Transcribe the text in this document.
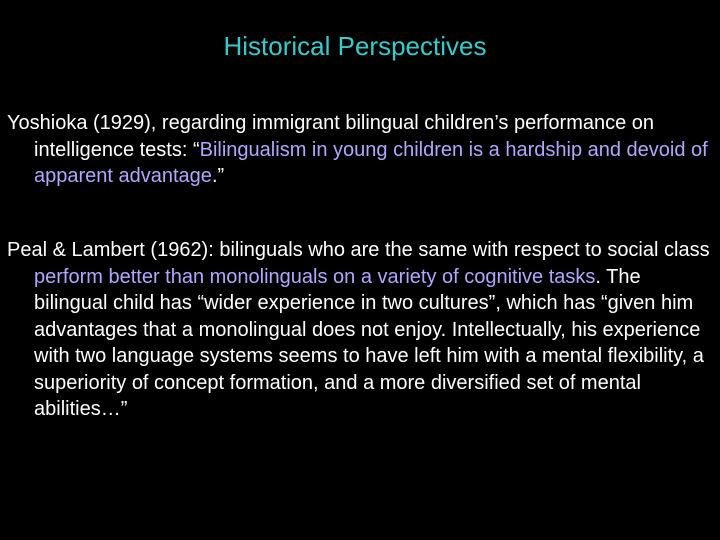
Historical Perspectives
Yoshioka (1929), regarding immigrant bilingual children’s performance on intelligence tests: “Bilingualism in young children is a hardship and devoid of apparent advantage.”
Peal & Lambert (1962): bilinguals who are the same with respect to social class perform better than monolinguals on a variety of cognitive tasks. The bilingual child has “wider experience in two cultures”, which has “given him advantages that a monolingual does not enjoy. Intellectually, his experience with two language systems seems to have left him with a mental flexibility, a superiority of concept formation, and a more diversified set of mental abilities…”
